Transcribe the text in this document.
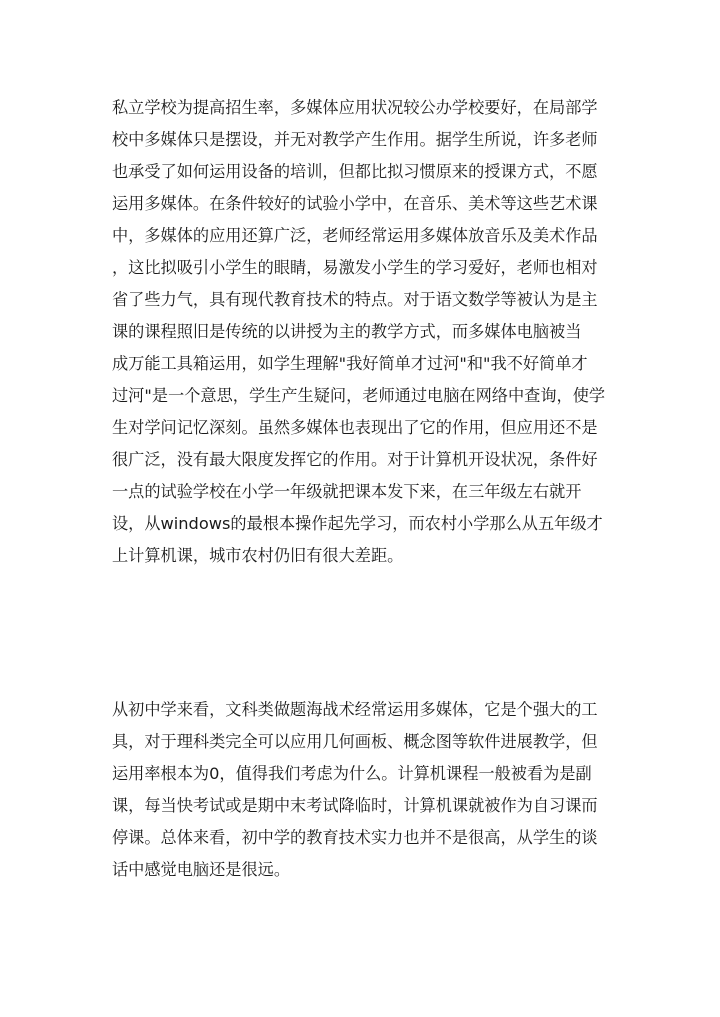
私立学校为提高招生率，多媒体应用状况较公办学校要好，在局部学
校中多媒体只是摆设，并无对教学产生作用。据学生所说，许多老师
也承受了如何运用设备的培训，但都比拟习惯原来的授课方式，不愿
运用多媒体。在条件较好的试验小学中，在音乐、美术等这些艺术课
中，多媒体的应用还算广泛，老师经常运用多媒体放音乐及美术作品
，这比拟吸引小学生的眼睛，易激发小学生的学习爱好，老师也相对
省了些力气，具有现代教育技术的特点。对于语文数学等被认为是主
课的课程照旧是传统的以讲授为主的教学方式，而多媒体电脑被当
成万能工具箱运用，如学生理解"我好简单才过河"和"我不好简单才
过河"是一个意思，学生产生疑问，老师通过电脑在网络中查询，使学
生对学问记忆深刻。虽然多媒体也表现出了它的作用，但应用还不是
很广泛，没有最大限度发挥它的作用。对于计算机开设状况，条件好
一点的试验学校在小学一年级就把课本发下来，在三年级左右就开
设，从windows的最根本操作起先学习，而农村小学那么从五年级才
上计算机课，城市农村仍旧有很大差距。
从初中学来看，文科类做题海战术经常运用多媒体，它是个强大的工
具，对于理科类完全可以应用几何画板、概念图等软件进展教学，但
运用率根本为0，值得我们考虑为什么。计算机课程一般被看为是副
课，每当快考试或是期中末考试降临时，计算机课就被作为自习课而
停课。总体来看，初中学的教育技术实力也并不是很高，从学生的谈
话中感觉电脑还是很远。
